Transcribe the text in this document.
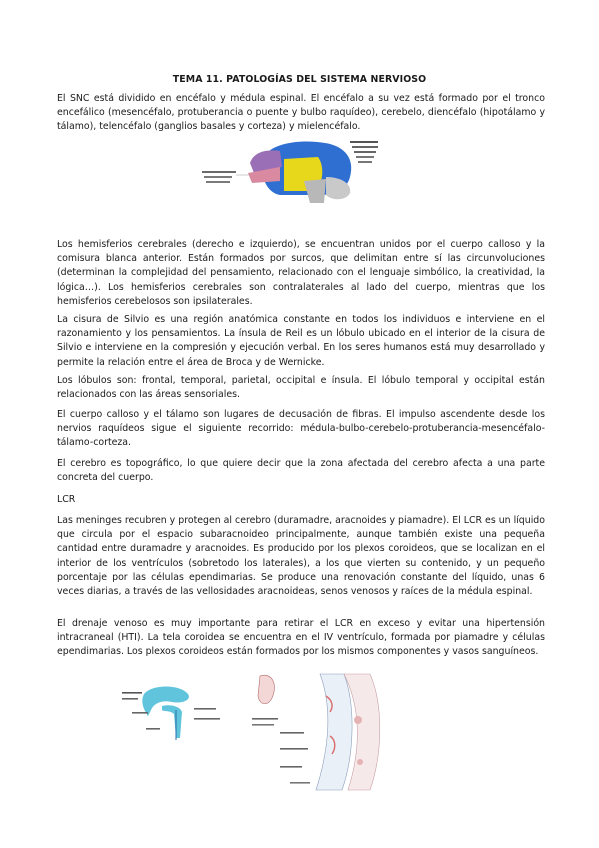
TEMA 11. PATOLOGÍAS DEL SISTEMA NERVIOSO

El SNC está dividido en encéfalo y médula espinal. El encéfalo a su vez está formado por el tronco encefálico (mesencéfalo, protuberancia o puente y bulbo raquídeo), cerebelo, diencéfalo (hipotálamo y tálamo), telencéfalo (ganglios basales y corteza) y mielencéfalo.

Los hemisferios cerebrales (derecho e izquierdo), se encuentran unidos por el cuerpo calloso y la comisura blanca anterior. Están formados por surcos, que delimitan entre sí las circunvoluciones (determinan la complejidad del pensamiento, relacionado con el lenguaje simbólico, la creatividad, la lógica…). Los hemisferios cerebrales son contralaterales al lado del cuerpo, mientras que los hemisferios cerebelosos son ipsilaterales.

La cisura de Silvio es una región anatómica constante en todos los individuos e interviene en el razonamiento y los pensamientos. La ínsula de Reil es un lóbulo ubicado en el interior de la cisura de Silvio e interviene en la compresión y ejecución verbal. En los seres humanos está muy desarrollado y permite la relación entre el área de Broca y de Wernicke.

Los lóbulos son: frontal, temporal, parietal, occipital e ínsula. El lóbulo temporal y occipital están relacionados con las áreas sensoriales.

El cuerpo calloso y el tálamo son lugares de decusación de fibras. El impulso ascendente desde los nervios raquídeos sigue el siguiente recorrido: médula-bulbo-cerebelo-protuberancia-mesencéfalo-tálamo-corteza.

El cerebro es topográfico, lo que quiere decir que la zona afectada del cerebro afecta a una parte concreta del cuerpo.

LCR

Las meninges recubren y protegen al cerebro (duramadre, aracnoides y piamadre). El LCR es un líquido que circula por el espacio subaracnoideo principalmente, aunque también existe una pequeña cantidad entre duramadre y aracnoides. Es producido por los plexos coroideos, que se localizan en el interior de los ventrículos (sobretodo los laterales), a los que vierten su contenido, y un pequeño porcentaje por las células ependimarias. Se produce una renovación constante del líquido, unas 6 veces diarias, a través de las vellosidades aracnoideas, senos venosos y raíces de la médula espinal.

El drenaje venoso es muy importante para retirar el LCR en exceso y evitar una hipertensión intracraneal (HTI). La tela coroidea se encuentra en el IV ventrículo, formada por piamadre y células ependimarias. Los plexos coroideos están formados por los mismos componentes y vasos sanguíneos.
